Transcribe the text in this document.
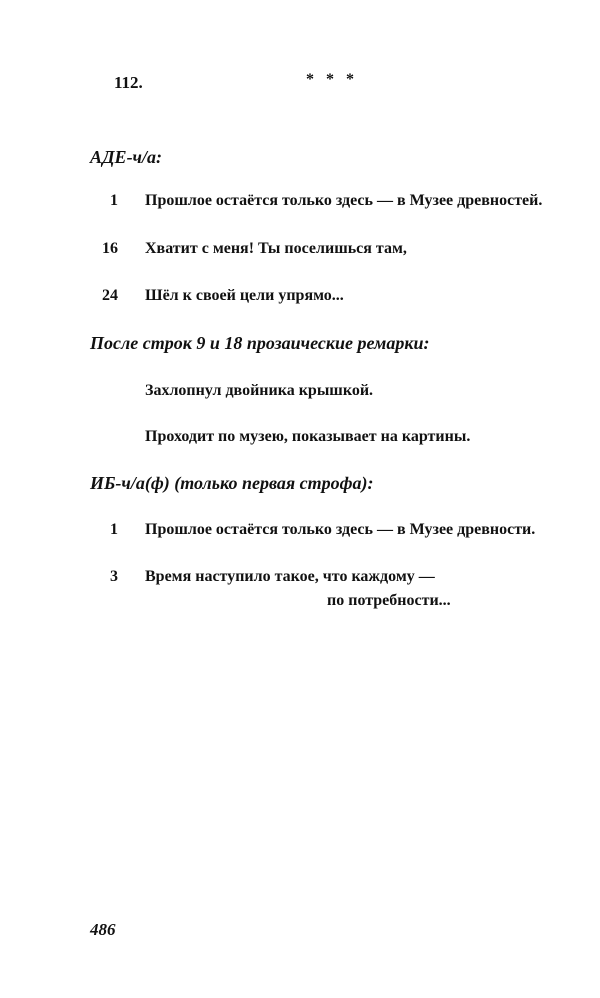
112.	* * *
АДЕ-ч/а:
1 Прошлое остаётся только здесь — в Музее древностей.
16 Хватит с меня! Ты поселишься там,
24 Шёл к своей цели упрямо...
После строк 9 и 18 прозаические ремарки:
Захлопнул двойника крышкой.
Проходит по музею, показывает на картины.
ИБ-ч/а(ф) (только первая строфа):
1 Прошлое остаётся только здесь — в Музее древности.
3 Время наступило такое, что каждому —
по потребности...
486
